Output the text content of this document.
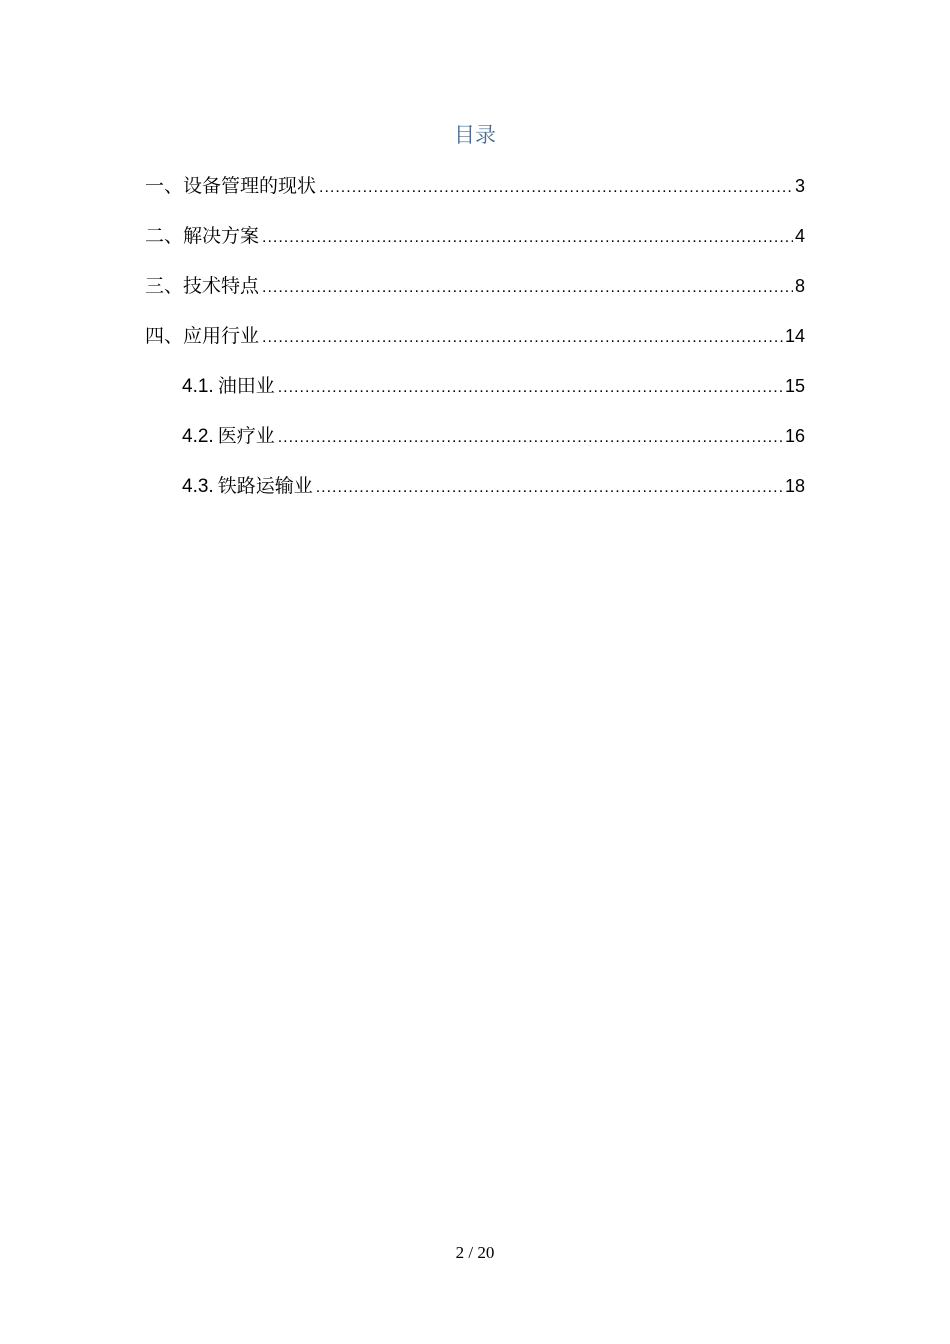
目录
一、设备管理的现状 .....	3
二、解决方案 .....	4
三、技术特点 .....	8
四、应用行业 .....	14
4.1. 油田业 .....	15
4.2. 医疗业 .....	16
4.3. 铁路运输业 .....	18
2 / 20
